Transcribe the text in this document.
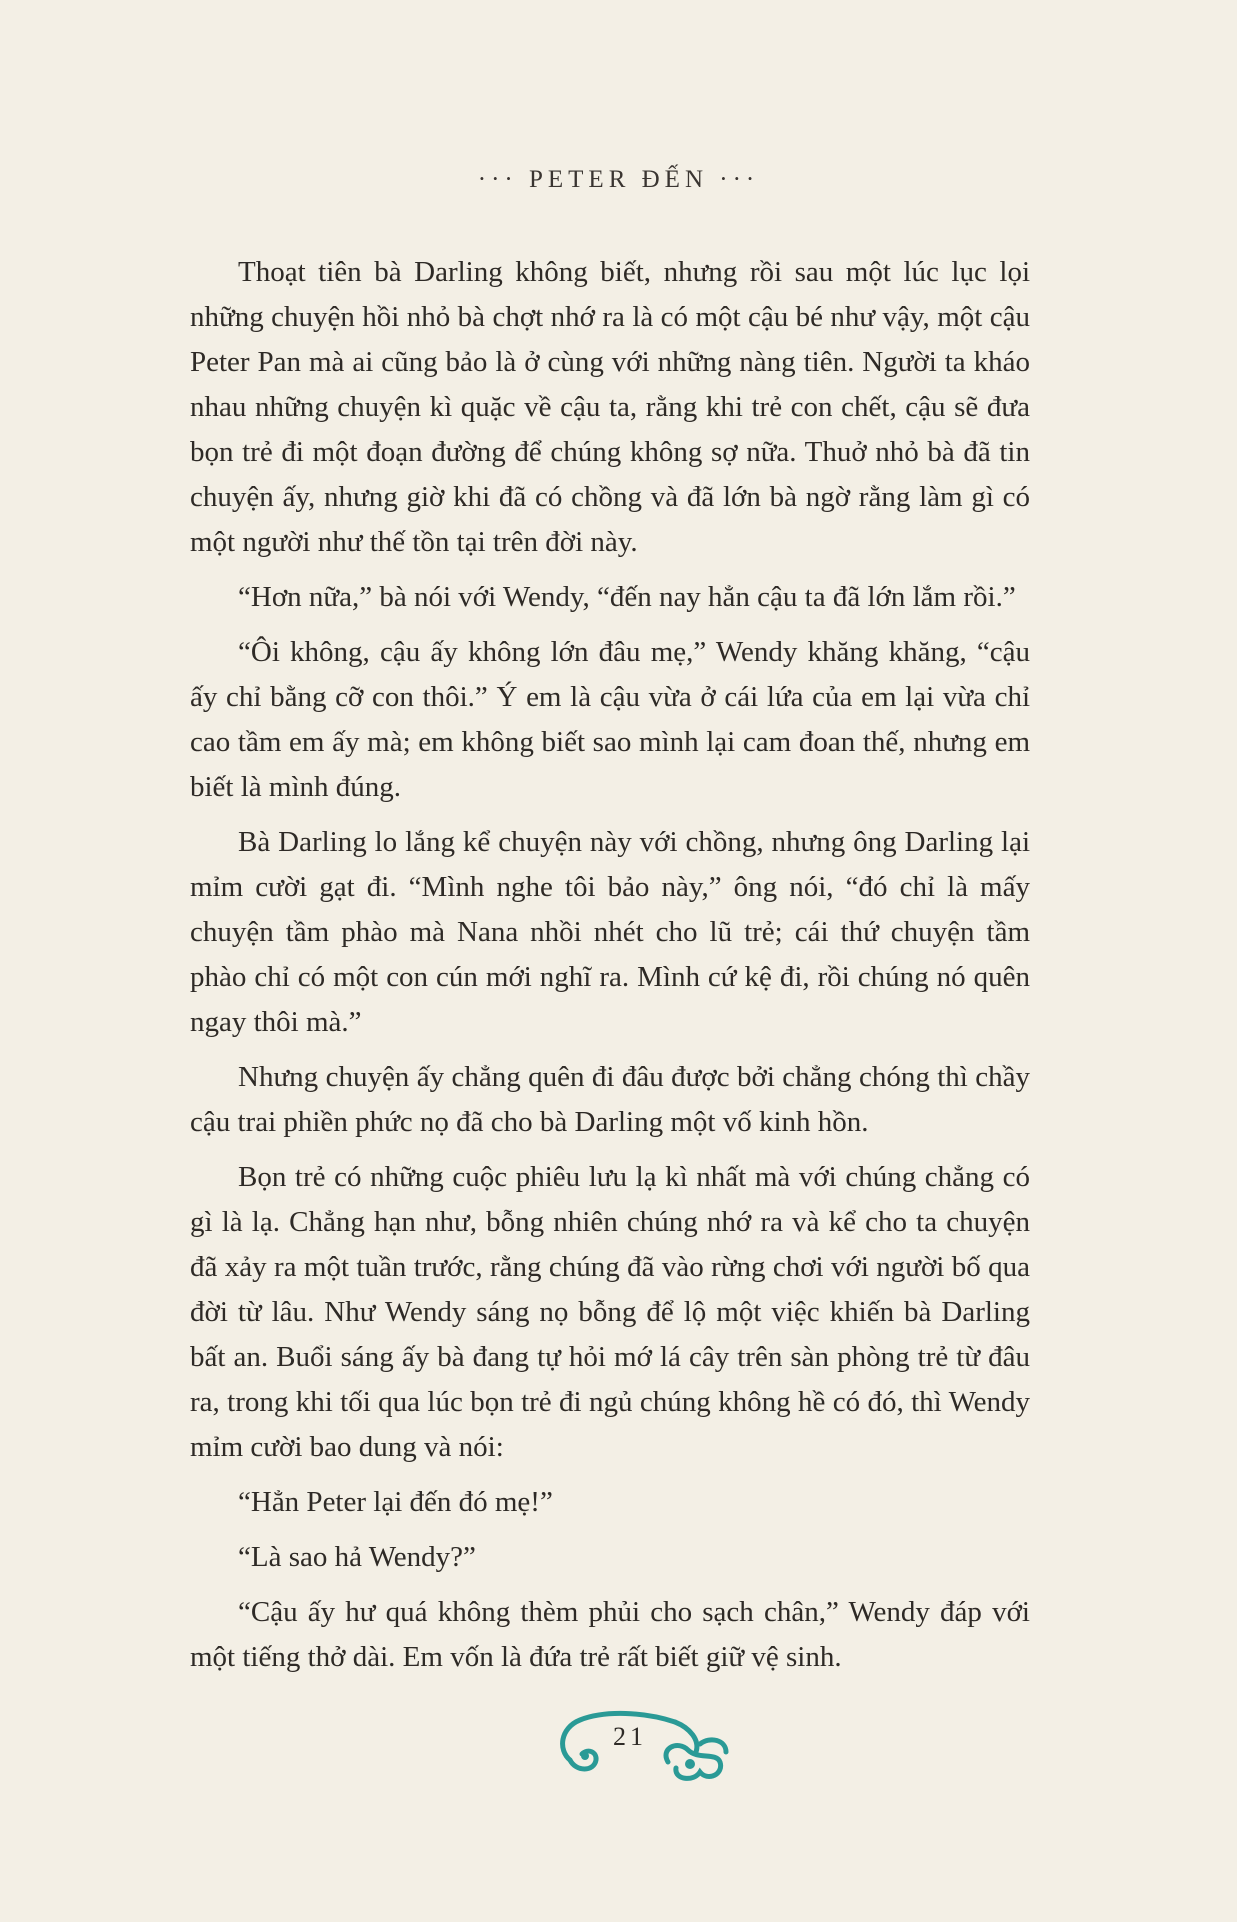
··· PETER ĐẾN ···

Thoạt tiên bà Darling không biết, nhưng rồi sau một lúc lục lọi những chuyện hồi nhỏ bà chợt nhớ ra là có một cậu bé như vậy, một cậu Peter Pan mà ai cũng bảo là ở cùng với những nàng tiên. Người ta kháo nhau những chuyện kì quặc về cậu ta, rằng khi trẻ con chết, cậu sẽ đưa bọn trẻ đi một đoạn đường để chúng không sợ nữa. Thuở nhỏ bà đã tin chuyện ấy, nhưng giờ khi đã có chồng và đã lớn bà ngờ rằng làm gì có một người như thế tồn tại trên đời này.

“Hơn nữa,” bà nói với Wendy, “đến nay hẳn cậu ta đã lớn lắm rồi.”

“Ôi không, cậu ấy không lớn đâu mẹ,” Wendy khăng khăng, “cậu ấy chỉ bằng cỡ con thôi.” Ý em là cậu vừa ở cái lứa của em lại vừa chỉ cao tầm em ấy mà; em không biết sao mình lại cam đoan thế, nhưng em biết là mình đúng.

Bà Darling lo lắng kể chuyện này với chồng, nhưng ông Darling lại mỉm cười gạt đi. “Mình nghe tôi bảo này,” ông nói, “đó chỉ là mấy chuyện tầm phào mà Nana nhồi nhét cho lũ trẻ; cái thứ chuyện tầm phào chỉ có một con cún mới nghĩ ra. Mình cứ kệ đi, rồi chúng nó quên ngay thôi mà.”

Nhưng chuyện ấy chẳng quên đi đâu được bởi chẳng chóng thì chầy cậu trai phiền phức nọ đã cho bà Darling một vố kinh hồn.

Bọn trẻ có những cuộc phiêu lưu lạ kì nhất mà với chúng chẳng có gì là lạ. Chẳng hạn như, bỗng nhiên chúng nhớ ra và kể cho ta chuyện đã xảy ra một tuần trước, rằng chúng đã vào rừng chơi với người bố qua đời từ lâu. Như Wendy sáng nọ bỗng để lộ một việc khiến bà Darling bất an. Buổi sáng ấy bà đang tự hỏi mớ lá cây trên sàn phòng trẻ từ đâu ra, trong khi tối qua lúc bọn trẻ đi ngủ chúng không hề có đó, thì Wendy mỉm cười bao dung và nói:

“Hẳn Peter lại đến đó mẹ!”

“Là sao hả Wendy?”

“Cậu ấy hư quá không thèm phủi cho sạch chân,” Wendy đáp với một tiếng thở dài. Em vốn là đứa trẻ rất biết giữ vệ sinh.

21
